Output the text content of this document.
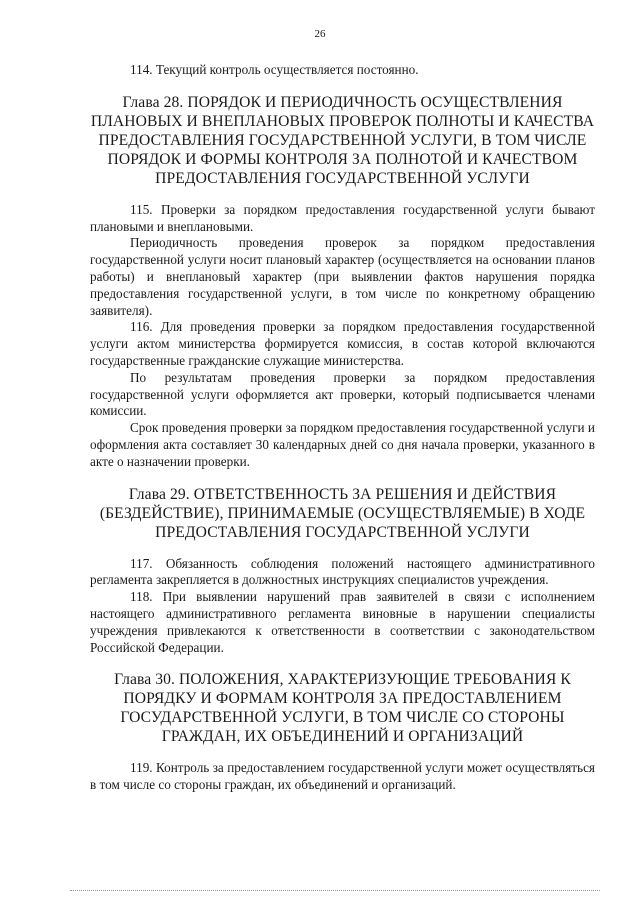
26

114. Текущий контроль осуществляется постоянно.

Глава 28. ПОРЯДОК И ПЕРИОДИЧНОСТЬ ОСУЩЕСТВЛЕНИЯ ПЛАНОВЫХ И ВНЕПЛАНОВЫХ ПРОВЕРОК ПОЛНОТЫ И КАЧЕСТВА ПРЕДОСТАВЛЕНИЯ ГОСУДАРСТВЕННОЙ УСЛУГИ, В ТОМ ЧИСЛЕ ПОРЯДОК И ФОРМЫ КОНТРОЛЯ ЗА ПОЛНОТОЙ И КАЧЕСТВОМ ПРЕДОСТАВЛЕНИЯ ГОСУДАРСТВЕННОЙ УСЛУГИ

115. Проверки за порядком предоставления государственной услуги бывают плановыми и внеплановыми.

Периодичность проведения проверок за порядком предоставления государственной услуги носит плановый характер (осуществляется на основании планов работы) и внеплановый характер (при выявлении фактов нарушения порядка предоставления государственной услуги, в том числе по конкретному обращению заявителя).

116. Для проведения проверки за порядком предоставления государственной услуги актом министерства формируется комиссия, в состав которой включаются государственные гражданские служащие министерства.

По результатам проведения проверки за порядком предоставления государственной услуги оформляется акт проверки, который подписывается членами комиссии.

Срок проведения проверки за порядком предоставления государственной услуги и оформления акта составляет 30 календарных дней со дня начала проверки, указанного в акте о назначении проверки.

Глава 29. ОТВЕТСТВЕННОСТЬ ЗА РЕШЕНИЯ И ДЕЙСТВИЯ (БЕЗДЕЙСТВИЕ), ПРИНИМАЕМЫЕ (ОСУЩЕСТВЛЯЕМЫЕ) В ХОДЕ ПРЕДОСТАВЛЕНИЯ ГОСУДАРСТВЕННОЙ УСЛУГИ

117. Обязанность соблюдения положений настоящего административного регламента закрепляется в должностных инструкциях специалистов учреждения.

118. При выявлении нарушений прав заявителей в связи с исполнением настоящего административного регламента виновные в нарушении специалисты учреждения привлекаются к ответственности в соответствии с законодательством Российской Федерации.

Глава 30. ПОЛОЖЕНИЯ, ХАРАКТЕРИЗУЮЩИЕ ТРЕБОВАНИЯ К ПОРЯДКУ И ФОРМАМ КОНТРОЛЯ ЗА ПРЕДОСТАВЛЕНИЕМ ГОСУДАРСТВЕННОЙ УСЛУГИ, В ТОМ ЧИСЛЕ СО СТОРОНЫ ГРАЖДАН, ИХ ОБЪЕДИНЕНИЙ И ОРГАНИЗАЦИЙ

119. Контроль за предоставлением государственной услуги может осуществляться в том числе со стороны граждан, их объединений и организаций.
